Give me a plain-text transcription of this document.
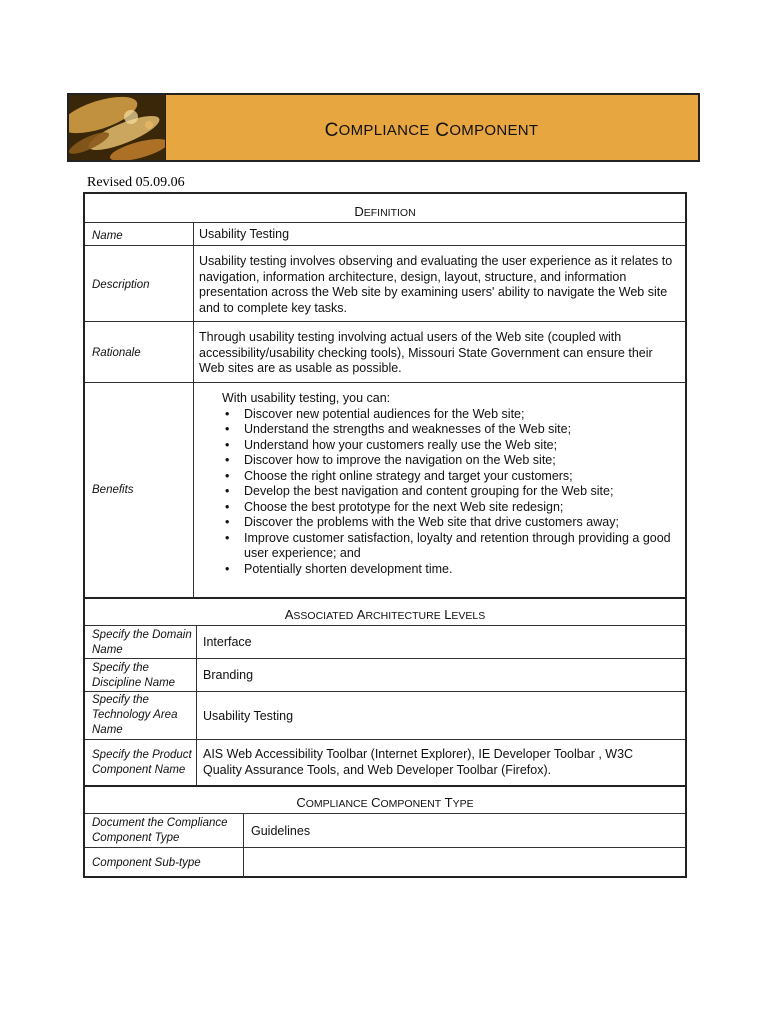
C OMPLIANCE
C OMPONENT
Revised 05.09.06
DEFINITION
Name	Usability Testing
Description
Usability testing involves observing and evaluating the user experience as it relates to navigation, information architecture, design, layout, structure, and information presentation across the Web site by examining users' ability to navigate the Web site and to complete key tasks.
Rationale
Through usability testing involving actual users of the Web site (coupled with accessibility/usability checking tools), Missouri State Government can ensure their Web sites are as usable as possible.
Benefits
With usability testing, you can:
• Discover new potential audiences for the Web site;
• Understand the strengths and weaknesses of the Web site;
• Understand how your customers really use the Web site;
• Discover how to improve the navigation on the Web site;
• Choose the right online strategy and target your customers;
• Develop the best navigation and content grouping for the Web site;
• Choose the best prototype for the next Web site redesign;
• Discover the problems with the Web site that drive customers away;
• Improve customer satisfaction, loyalty and retention through providing a good user experience; and
• Potentially shorten development time.
ASSOCIATED ARCHITECTURE LEVELS
Specify the Domain Name
Interface
Specify the Discipline Name
Branding
Specify the Technology Area Name
Usability Testing
Specify the Product Component Name
AIS Web Accessibility Toolbar (Internet Explorer), IE Developer Toolbar , W3C Quality Assurance Tools, and Web Developer Toolbar (Firefox).
COMPLIANCE COMPONENT TYPE
Document the Compliance Component Type	Guidelines
Component Sub-type
